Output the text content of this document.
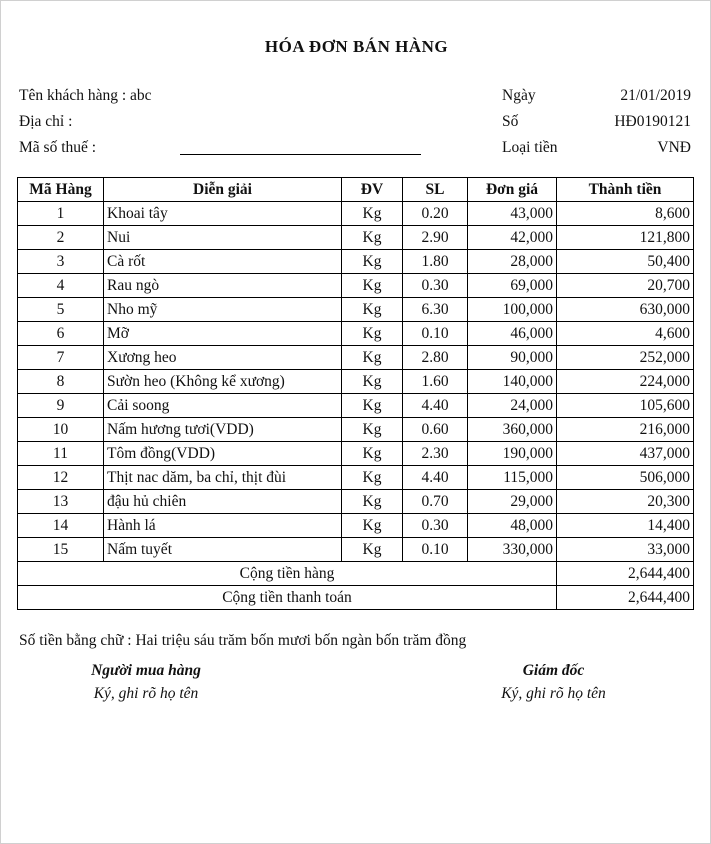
HÓA ĐƠN BÁN HÀNG
Tên khách hàng : abc
Địa chỉ :
Mã số thuế :
Ngày	21/01/2019
Số	HĐ0190121
Loại tiền	VNĐ
Mã Hàng	Diễn giải	ĐV	SL	Đơn giá	Thành tiền
1	Khoai tây	Kg	0.20	43,000	8,600
2	Nui	Kg	2.90	42,000	121,800
3	Cà rốt	Kg	1.80	28,000	50,400
4	Rau ngò	Kg	0.30	69,000	20,700
5	Nho mỹ	Kg	6.30	100,000	630,000
6	Mỡ	Kg	0.10	46,000	4,600
7	Xương heo	Kg	2.80	90,000	252,000
8	Sườn heo (Không kể xương)	Kg	1.60	140,000	224,000
9	Cải soong	Kg	4.40	24,000	105,600
10	Nấm hương tươi(VDD)	Kg	0.60	360,000	216,000
11	Tôm đồng(VDD)	Kg	2.30	190,000	437,000
12	Thịt nac dăm, ba chỉ, thịt đùi	Kg	4.40	115,000	506,000
13	đậu hủ chiên	Kg	0.70	29,000	20,300
14	Hành lá	Kg	0.30	48,000	14,400
15	Nấm tuyết	Kg	0.10	330,000	33,000
Cộng tiền hàng					2,644,400
Cộng tiền thanh toán					2,644,400
Số tiền bằng chữ : Hai triệu sáu trăm bốn mươi bốn ngàn bốn trăm đồng
Người mua hàng
Ký, ghi rõ họ tên
Giám đốc
Ký, ghi rõ họ tên
